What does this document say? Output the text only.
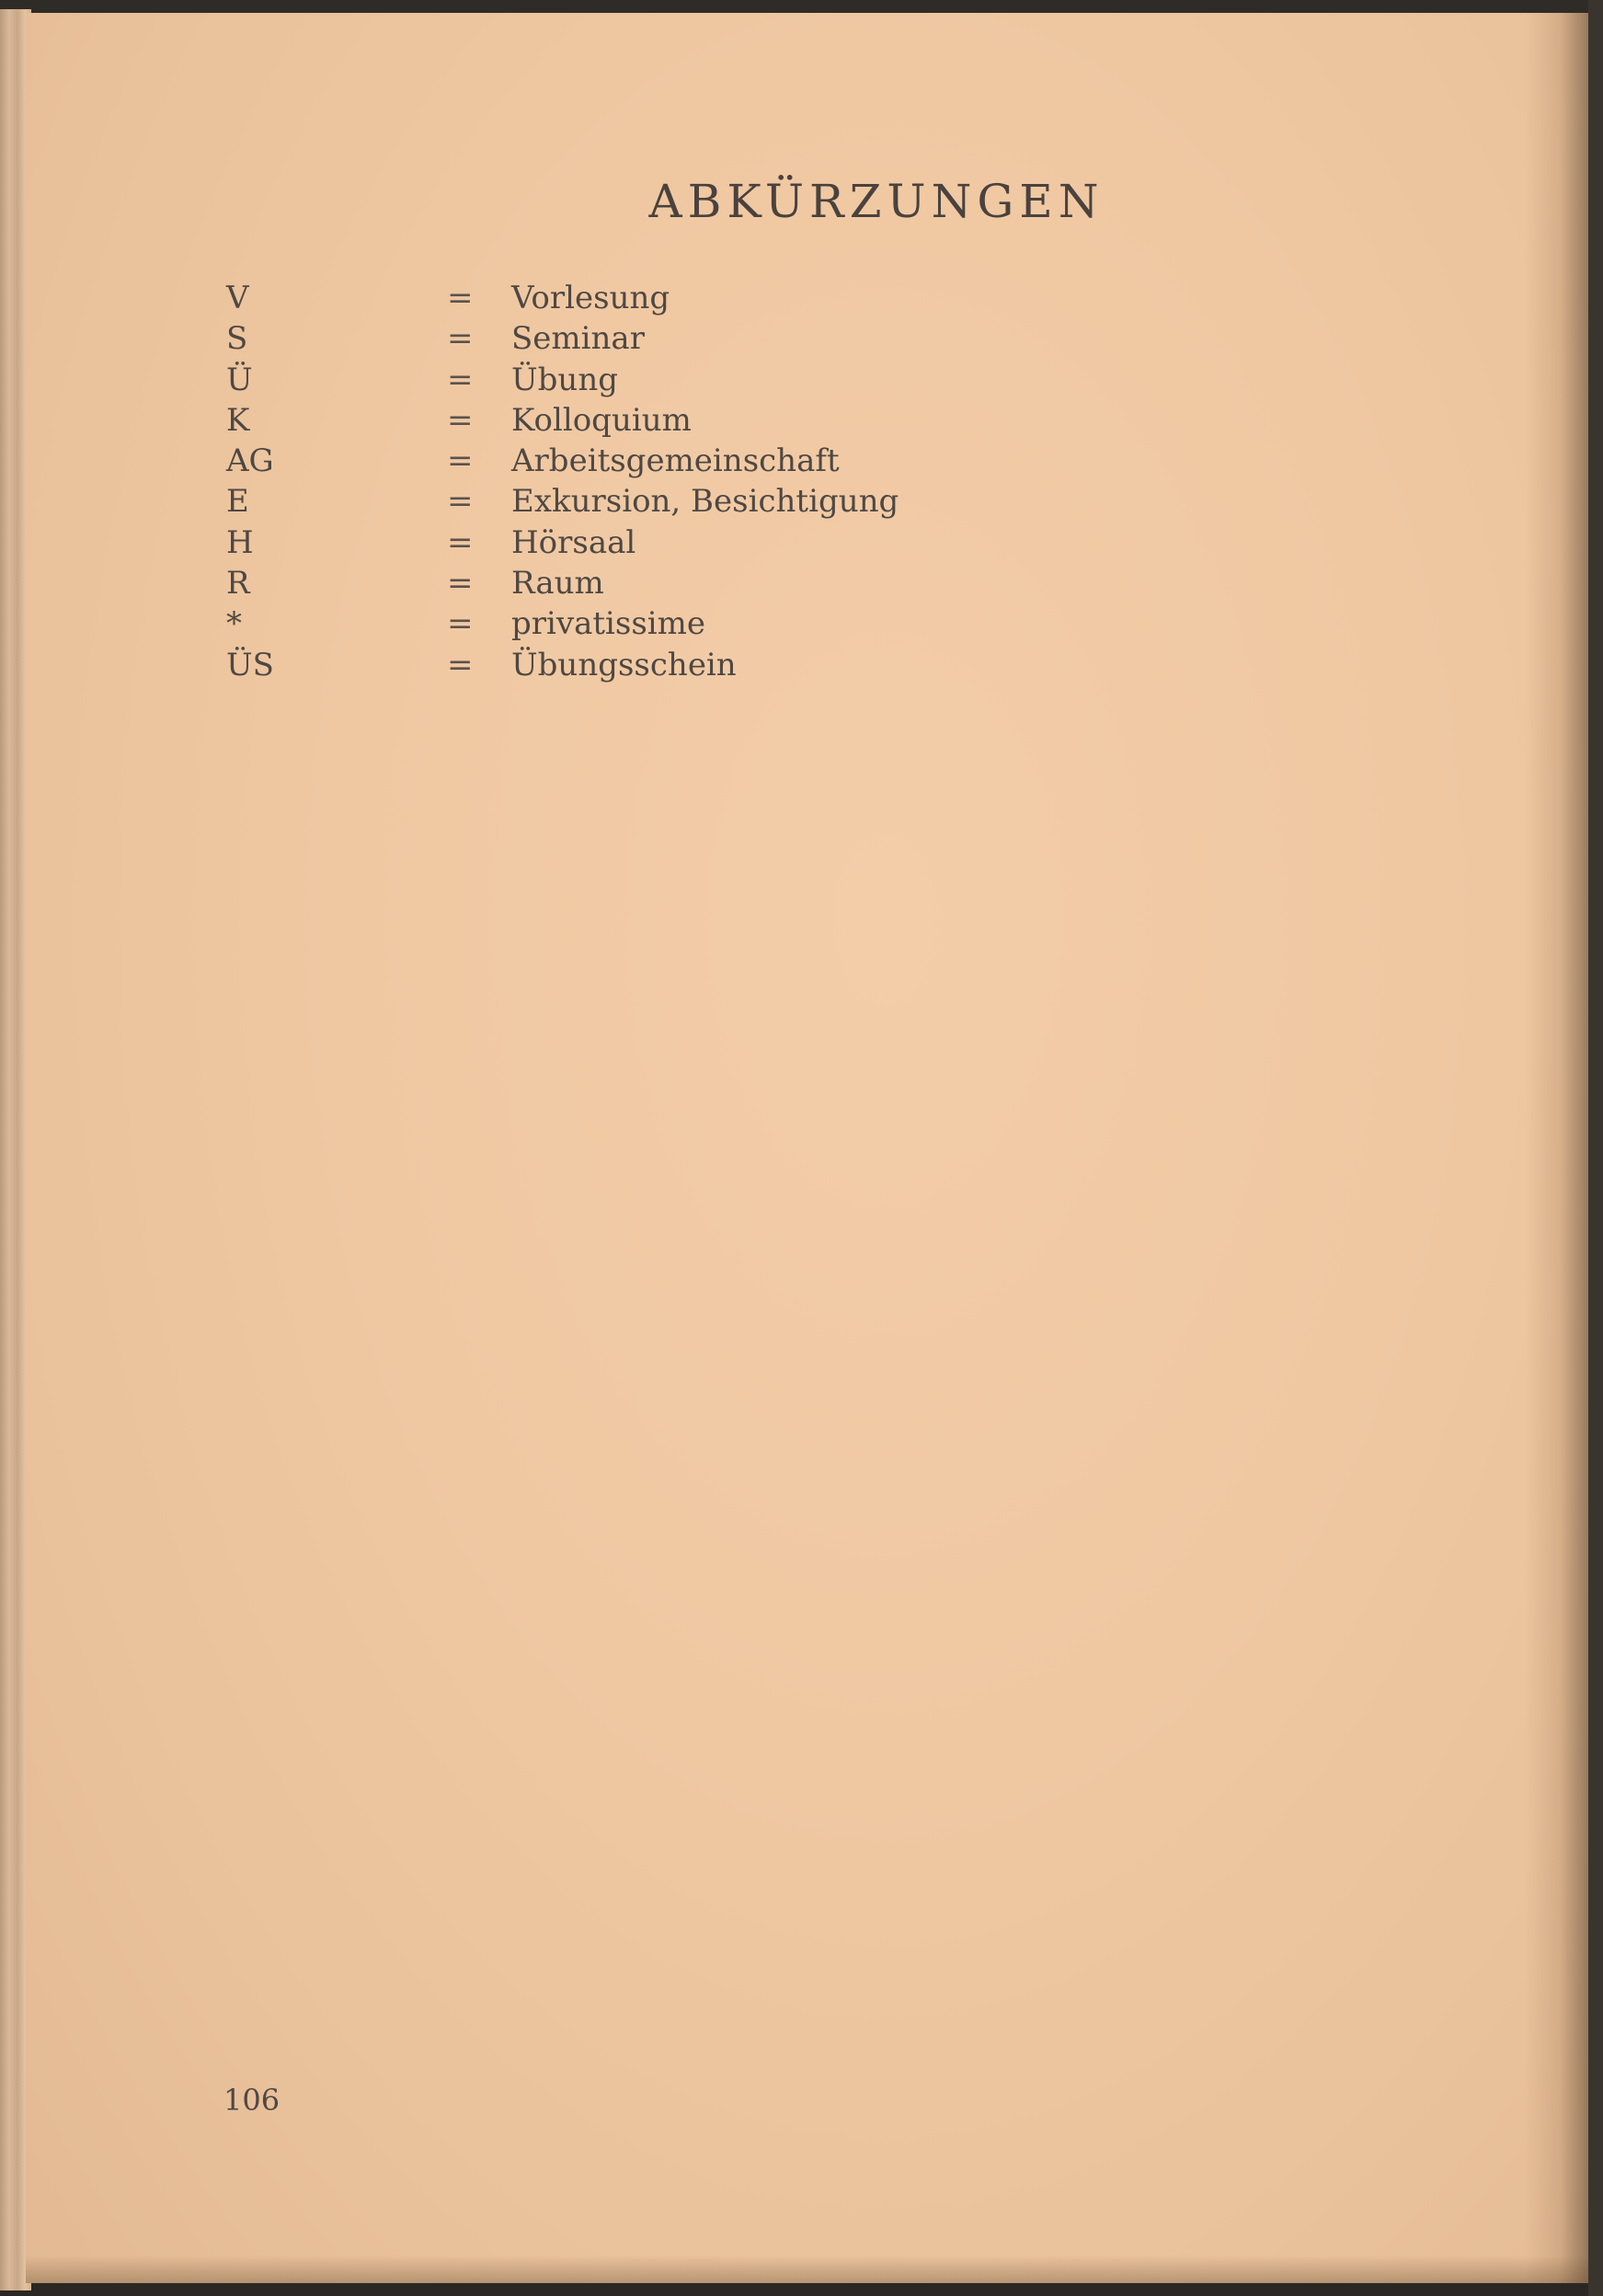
ABKÜRZUNGEN
V	= Vorlesung
S	= Seminar
Ü	= Übung
K	= Kolloquium
AG	= Arbeitsgemeinschaft
E	= Exkursion, Besichtigung
H	= Hörsaal
R	= Raum
*	= privatissime
ÜS	= Übungsschein
106
